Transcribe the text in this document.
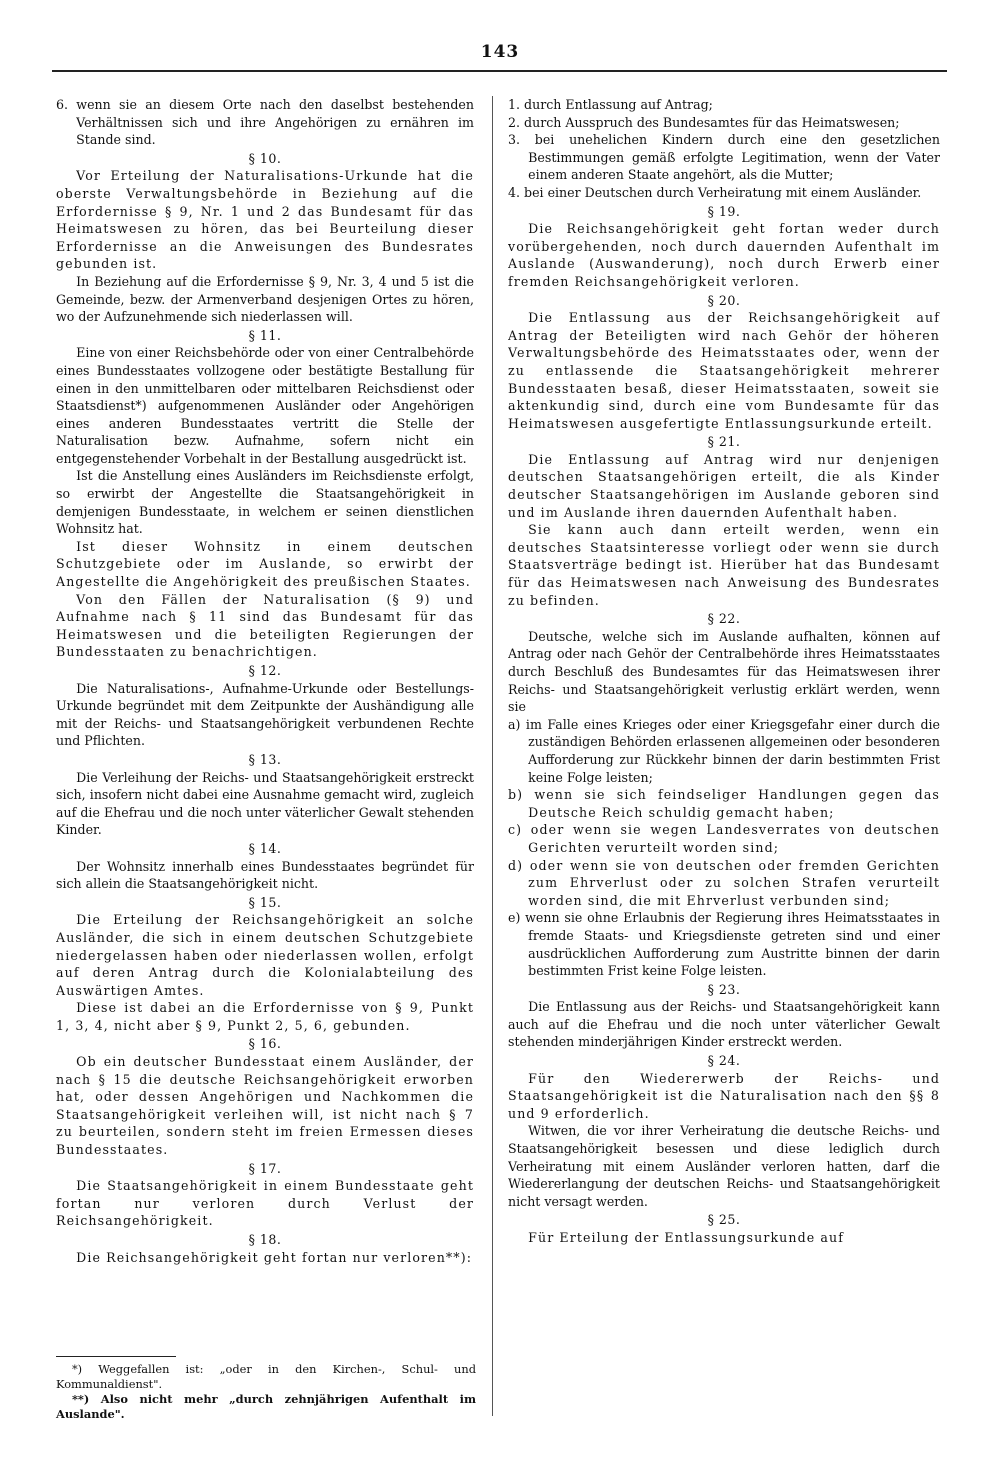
143

6. wenn sie an diesem Orte nach den daselbst bestehenden Verhältnissen sich und ihre Angehörigen zu ernähren im Stande sind.

§ 10.

Vor Erteilung der Naturalisations-Urkunde hat die oberste Verwaltungsbehörde in Beziehung auf die Erfordernisse § 9, Nr. 1 und 2 das Bundesamt für das Heimatswesen zu hören, das bei Beurteilung dieser Erfordernisse an die Anweisungen des Bundesrates gebunden ist.

In Beziehung auf die Erfordernisse § 9, Nr. 3, 4 und 5 ist die Gemeinde, bezw. der Armenverband desjenigen Ortes zu hören, wo der Aufzunehmende sich niederlassen will.

§ 11.

Eine von einer Reichsbehörde oder von einer Centralbehörde eines Bundesstaates vollzogene oder bestätigte Bestallung für einen in den unmittelbaren oder mittelbaren Reichsdienst oder Staatsdienst*) aufgenommenen Ausländer oder Angehörigen eines anderen Bundesstaates vertritt die Stelle der Naturalisation bezw. Aufnahme, sofern nicht ein entgegenstehender Vorbehalt in der Bestallung ausgedrückt ist.

Ist die Anstellung eines Ausländers im Reichsdienste erfolgt, so erwirbt der Angestellte die Staatsangehörigkeit in demjenigen Bundesstaate, in welchem er seinen dienstlichen Wohnsitz hat.

Ist dieser Wohnsitz in einem deutschen Schutzgebiete oder im Auslande, so erwirbt der Angestellte die Angehörigkeit des preußischen Staates.

Von den Fällen der Naturalisation (§ 9) und Aufnahme nach § 11 sind das Bundesamt für das Heimatswesen und die beteiligten Regierungen der Bundesstaaten zu benachrichtigen.

§ 12.

Die Naturalisations-, Aufnahme-Urkunde oder Bestellungs-Urkunde begründet mit dem Zeitpunkte der Aushändigung alle mit der Reichs- und Staatsangehörigkeit verbundenen Rechte und Pflichten.

§ 13.

Die Verleihung der Reichs- und Staatsangehörigkeit erstreckt sich, insofern nicht dabei eine Ausnahme gemacht wird, zugleich auf die Ehefrau und die noch unter väterlicher Gewalt stehenden Kinder.

§ 14.

Der Wohnsitz innerhalb eines Bundesstaates begründet für sich allein die Staatsangehörigkeit nicht.

§ 15.

Die Erteilung der Reichsangehörigkeit an solche Ausländer, die sich in einem deutschen Schutzgebiete niedergelassen haben oder niederlassen wollen, erfolgt auf deren Antrag durch die Kolonialabteilung des Auswärtigen Amtes.

Diese ist dabei an die Erfordernisse von § 9, Punkt 1, 3, 4, nicht aber § 9, Punkt 2, 5, 6, gebunden.

§ 16.

Ob ein deutscher Bundesstaat einem Ausländer, der nach § 15 die deutsche Reichsangehörigkeit erworben hat, oder dessen Angehörigen und Nachkommen die Staatsangehörigkeit verleihen will, ist nicht nach § 7 zu beurteilen, sondern steht im freien Ermessen dieses Bundesstaates.

§ 17.

Die Staatsangehörigkeit in einem Bundesstaate geht fortan nur verloren durch Verlust der Reichsangehörigkeit.

§ 18.

Die Reichsangehörigkeit geht fortan nur verloren**):

1. durch Entlassung auf Antrag;

2. durch Ausspruch des Bundesamtes für das Heimatswesen;

3. bei unehelichen Kindern durch eine den gesetzlichen Bestimmungen gemäß erfolgte Legitimation, wenn der Vater einem anderen Staate angehört, als die Mutter;

4. bei einer Deutschen durch Verheiratung mit einem Ausländer.

§ 19.

Die Reichsangehörigkeit geht fortan weder durch vorübergehenden, noch durch dauernden Aufenthalt im Auslande (Auswanderung), noch durch Erwerb einer fremden Reichsangehörigkeit verloren.

§ 20.

Die Entlassung aus der Reichsangehörigkeit auf Antrag der Beteiligten wird nach Gehör der höheren Verwaltungsbehörde des Heimatsstaates oder, wenn der zu entlassende die Staatsangehörigkeit mehrerer Bundesstaaten besaß, dieser Heimatsstaaten, soweit sie aktenkundig sind, durch eine vom Bundesamte für das Heimatswesen ausgefertigte Entlassungsurkunde erteilt.

§ 21.

Die Entlassung auf Antrag wird nur denjenigen deutschen Staatsangehörigen erteilt, die als Kinder deutscher Staatsangehörigen im Auslande geboren sind und im Auslande ihren dauernden Aufenthalt haben.

Sie kann auch dann erteilt werden, wenn ein deutsches Staatsinteresse vorliegt oder wenn sie durch Staatsverträge bedingt ist. Hierüber hat das Bundesamt für das Heimatswesen nach Anweisung des Bundesrates zu befinden.

§ 22.

Deutsche, welche sich im Auslande aufhalten, können auf Antrag oder nach Gehör der Centralbehörde ihres Heimatsstaates durch Beschluß des Bundesamtes für das Heimatswesen ihrer Reichs- und Staatsangehörigkeit verlustig erklärt werden, wenn sie

a) im Falle eines Krieges oder einer Kriegsgefahr einer durch die zuständigen Behörden erlassenen allgemeinen oder besonderen Aufforderung zur Rückkehr binnen der darin bestimmten Frist keine Folge leisten;

b) wenn sie sich feindseliger Handlungen gegen das Deutsche Reich schuldig gemacht haben;

c) oder wenn sie wegen Landesverrates von deutschen Gerichten verurteilt worden sind;

d) oder wenn sie von deutschen oder fremden Gerichten zum Ehrverlust oder zu solchen Strafen verurteilt worden sind, die mit Ehrverlust verbunden sind;

e) wenn sie ohne Erlaubnis der Regierung ihres Heimatsstaates in fremde Staats- und Kriegsdienste getreten sind und einer ausdrücklichen Aufforderung zum Austritte binnen der darin bestimmten Frist keine Folge leisten.

§ 23.

Die Entlassung aus der Reichs- und Staatsangehörigkeit kann auch auf die Ehefrau und die noch unter väterlicher Gewalt stehenden minderjährigen Kinder erstreckt werden.

§ 24.

Für den Wiedererwerb der Reichs- und Staatsangehörigkeit ist die Naturalisation nach den §§ 8 und 9 erforderlich.

Witwen, die vor ihrer Verheiratung die deutsche Reichs- und Staatsangehörigkeit besessen und diese lediglich durch Verheiratung mit einem Ausländer verloren hatten, darf die Wiedererlangung der deutschen Reichs- und Staatsangehörigkeit nicht versagt werden.

§ 25.

Für Erteilung der Entlassungsurkunde auf

*) Weggefallen ist: „oder in den Kirchen-, Schul- und Kommunaldienst".

**) Also nicht mehr „durch zehnjährigen Aufenthalt im Auslande".
